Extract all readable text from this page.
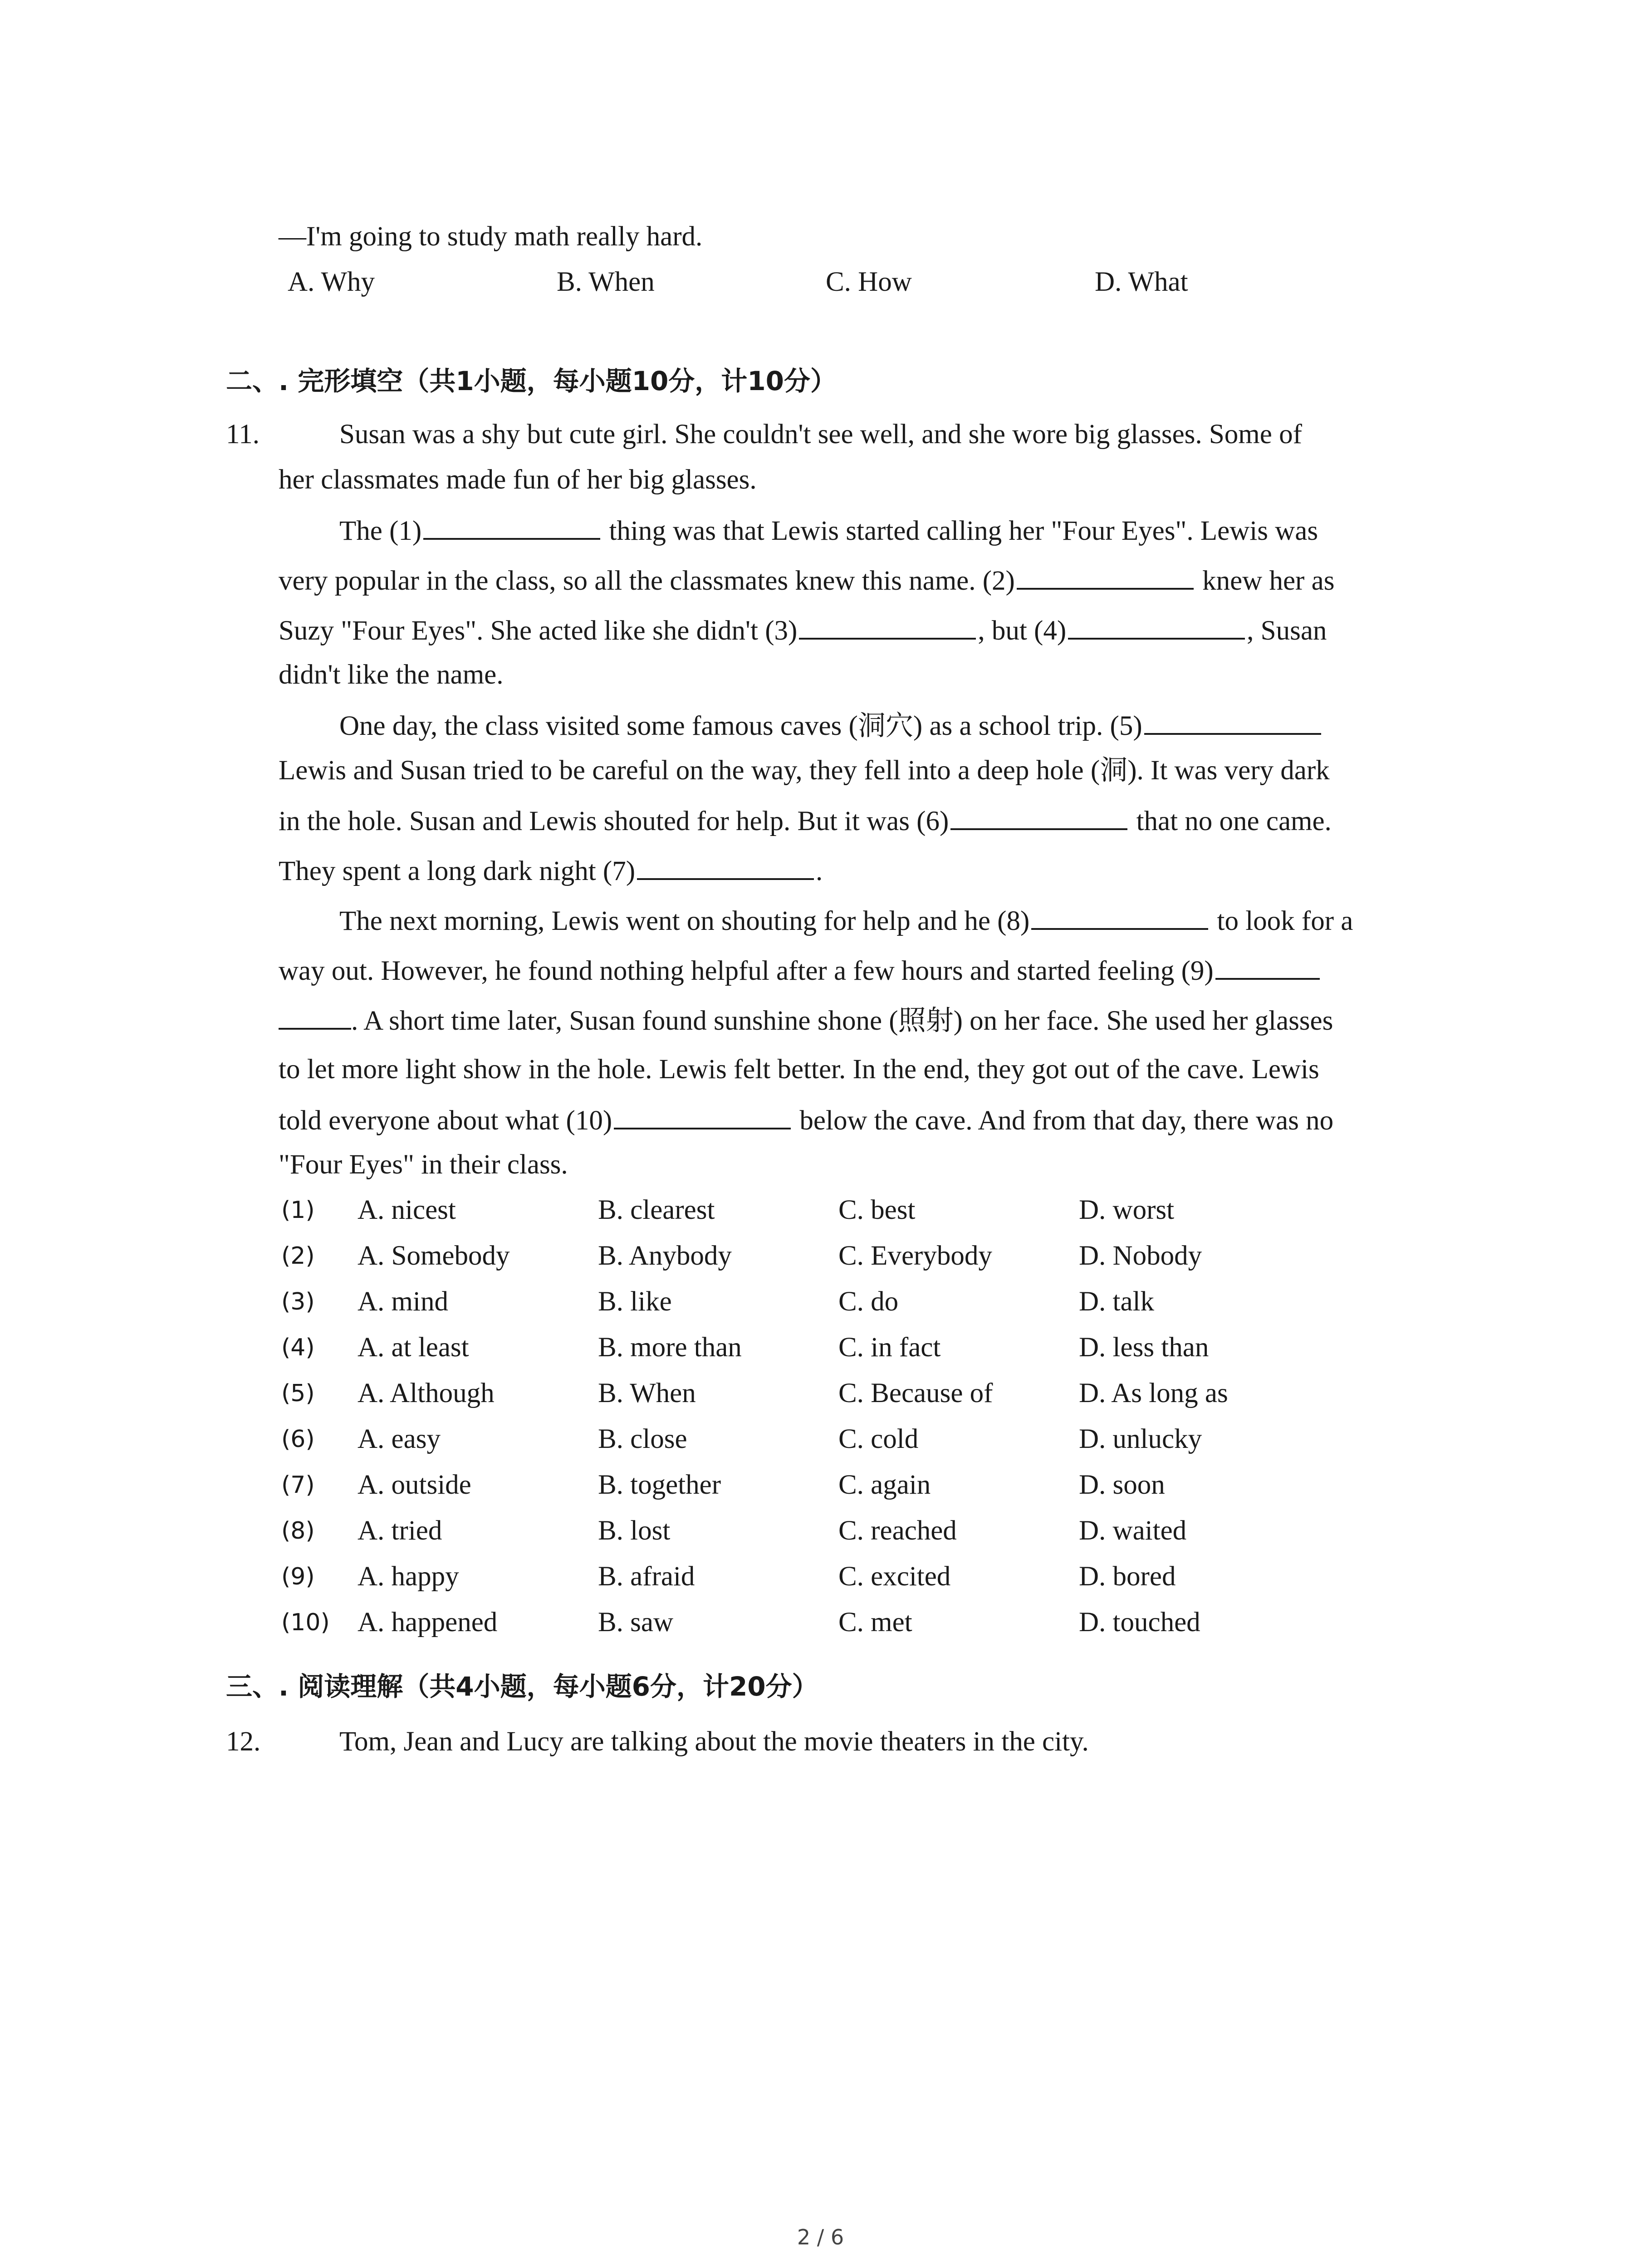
—I'm going to study math really hard.
A. Why	B. When	C. How	D. What
二、. 完形填空（共1小题，每小题10分，计10分）
11.	Susan was a shy but cute girl. She couldn't see well, and she wore big glasses. Some of
her classmates made fun of her big glasses.
The (1)	thing was that Lewis started calling her "Four Eyes". Lewis was
very popular in the class, so all the classmates knew this name. (2)	knew her as
Suzy "Four Eyes". She acted like she didn't (3)	, but (4)	, Susan
didn't like the name.
One day, the class visited some famous caves (洞穴) as a school trip. (5)
Lewis and Susan tried to be careful on the way, they fell into a deep hole (洞). It was very dark
in the hole. Susan and Lewis shouted for help. But it was (6)	that no one came.
They spent a long dark night (7)	.
The next morning, Lewis went on shouting for help and he (8)	to look for a
way out. However, he found nothing helpful after a few hours and started feeling (9)
. A short time later, Susan found sunshine shone (照射) on her face. She used her glasses
to let more light show in the hole. Lewis felt better. In the end, they got out of the cave. Lewis
told everyone about what (10)	below the cave. And from that day, there was no
"Four Eyes" in their class.
(1) A. nicest	B. clearest	C. best	D. worst
(2) A. Somebody	B. Anybody	C. Everybody	D. Nobody
(3) A. mind	B. like	C. do	D. talk
(4) A. at least	B. more than	C. in fact	D. less than
(5) A. Although	B. When	C. Because of	D. As long as
(6) A. easy	B. close	C. cold	D. unlucky
(7) A. outside	B. together	C. again	D. soon
(8) A. tried	B. lost	C. reached	D. waited
(9) A. happy	B. afraid	C. excited	D. bored
(10) A. happened	B. saw	C. met	D. touched
三、. 阅读理解（共4小题，每小题6分，计20分）
12.	Tom, Jean and Lucy are talking about the movie theaters in the city.
2 / 6
